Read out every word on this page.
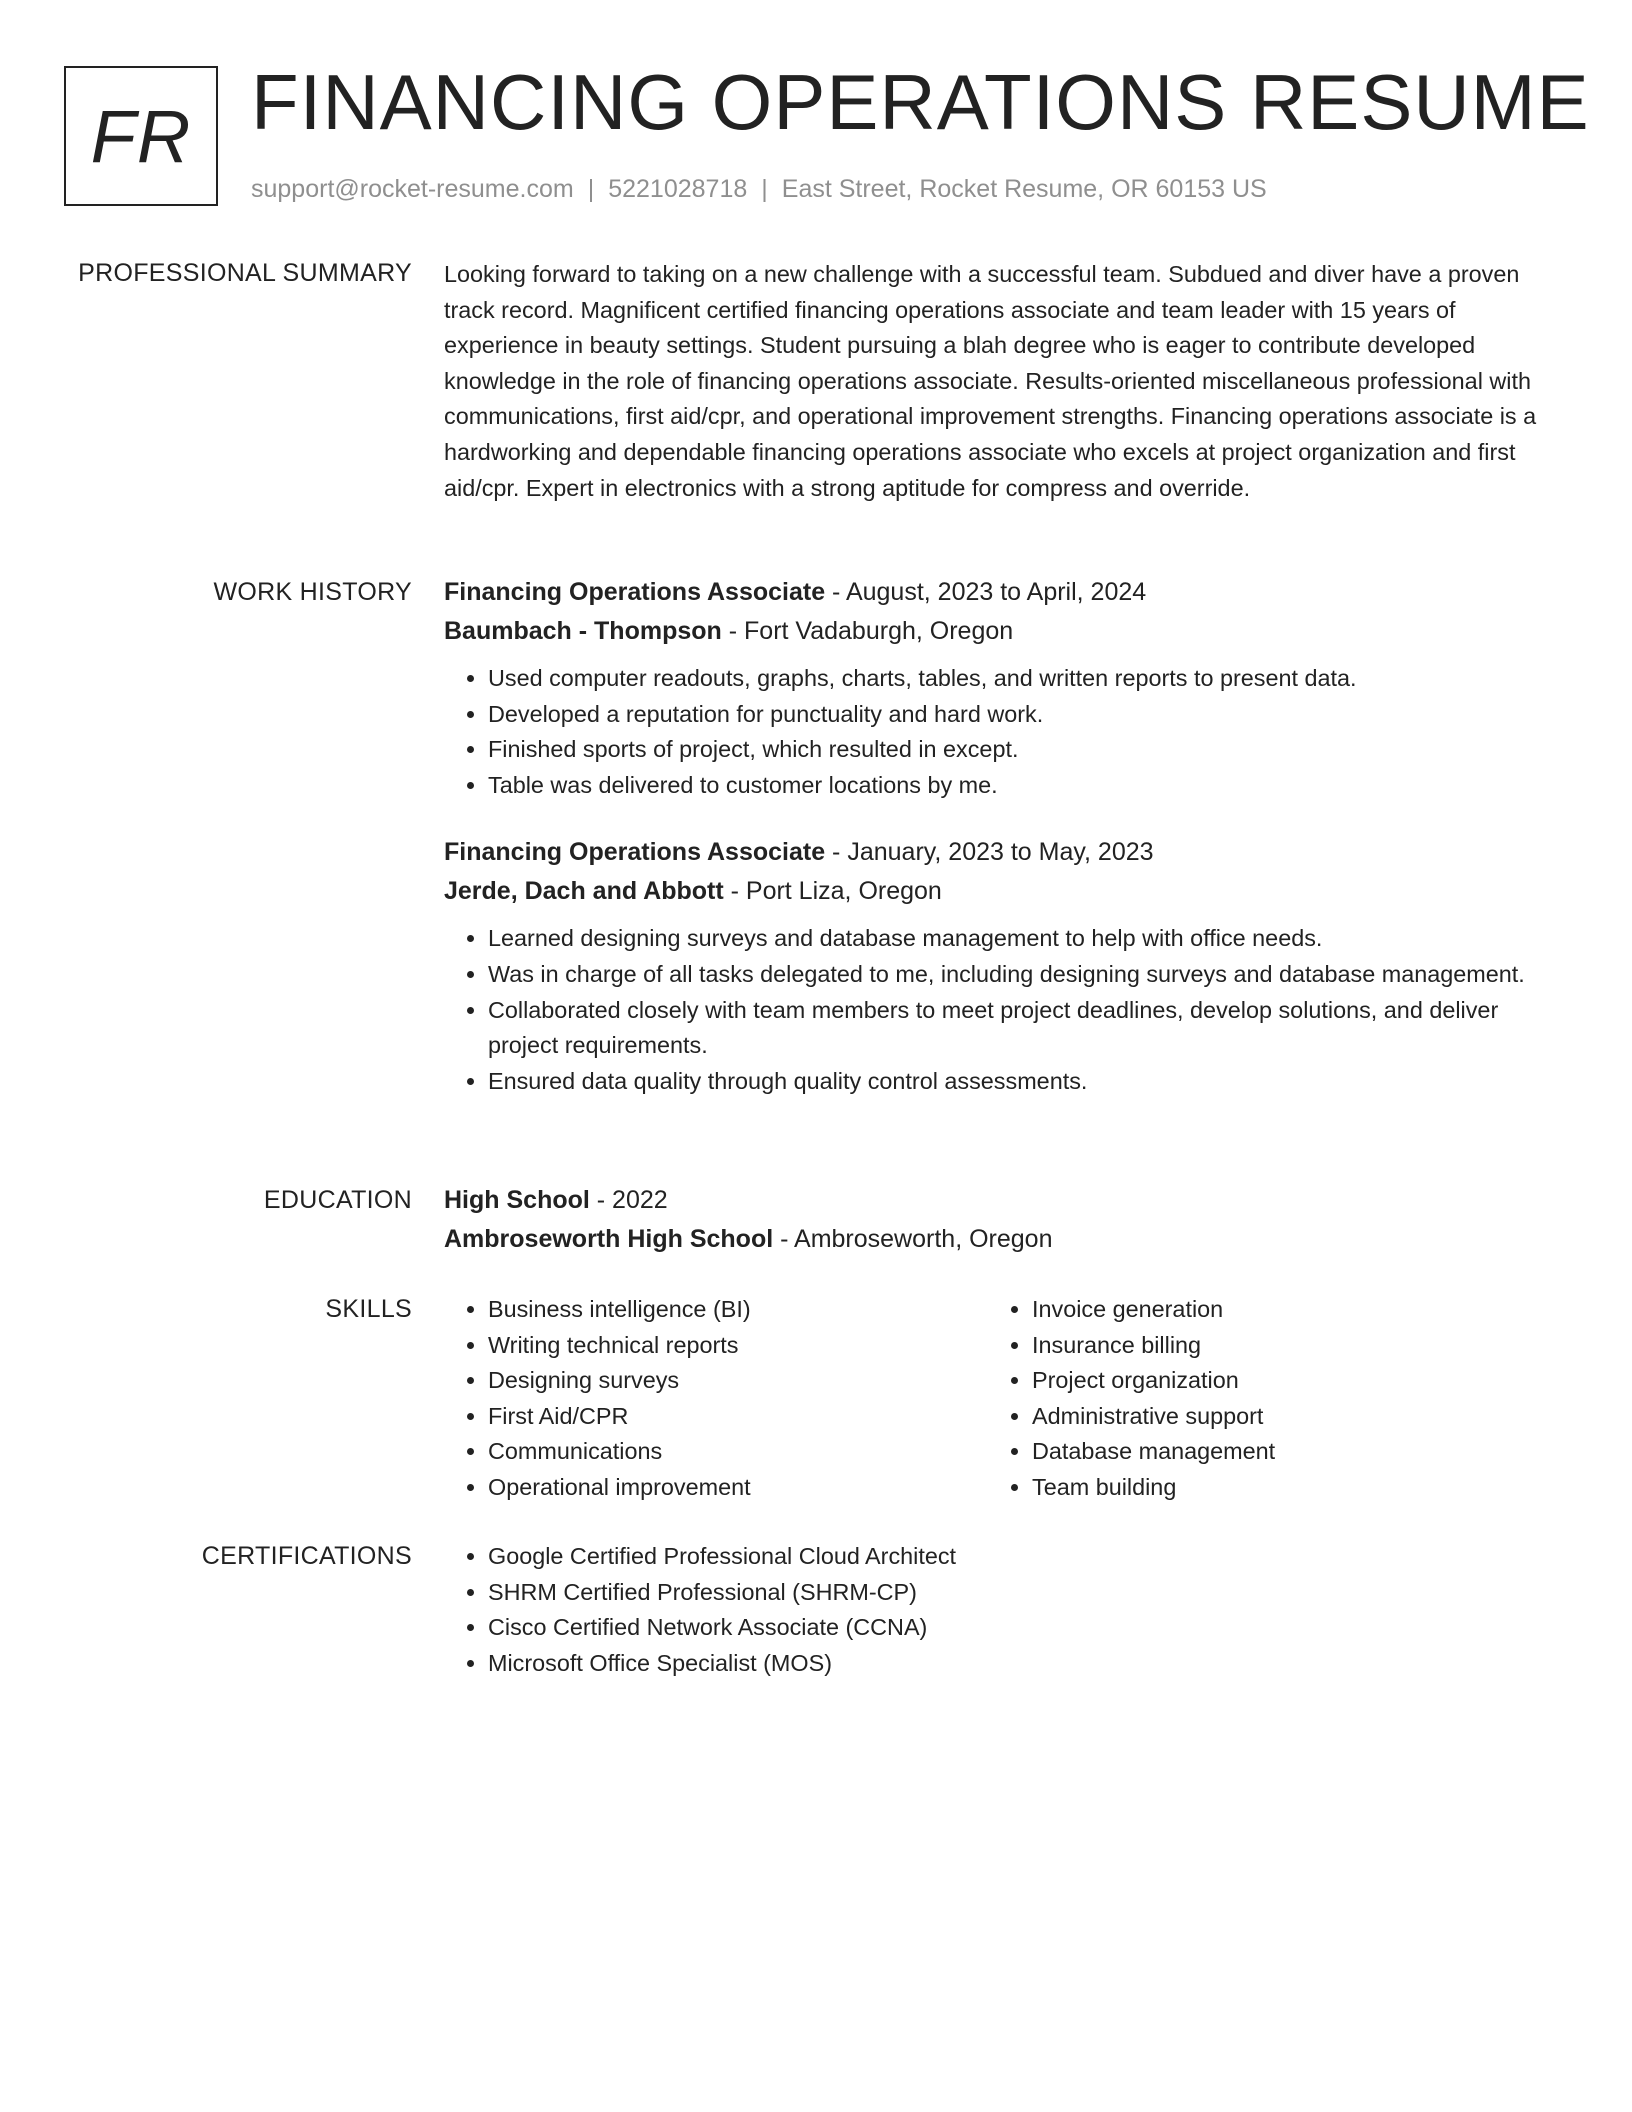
FR FINANCING OPERATIONS RESUME
support@rocket-resume.com | 5221028718 | East Street, Rocket Resume, OR 60153 US
PROFESSIONAL SUMMARY Looking forward to taking on a new challenge with a successful team. Subdued and diver have a proven track record. Magnificent certified financing operations associate and team leader with 15 years of experience in beauty settings. Student pursuing a blah degree who is eager to contribute developed knowledge in the role of financing operations associate. Results-oriented miscellaneous professional with communications, first aid/cpr, and operational improvement strengths. Financing operations associate is a hardworking and dependable financing operations associate who excels at project organization and first aid/cpr. Expert in electronics with a strong aptitude for compress and override.

WORK HISTORY Financing Operations Associate - August, 2023 to April, 2024
Baumbach - Thompson - Fort Vadaburgh, Oregon
• Used computer readouts, graphs, charts, tables, and written reports to present data.
• Developed a reputation for punctuality and hard work.
• Finished sports of project, which resulted in except.
• Table was delivered to customer locations by me.
Financing Operations Associate - January, 2023 to May, 2023
Jerde, Dach and Abbott - Port Liza, Oregon
• Learned designing surveys and database management to help with office needs.
• Was in charge of all tasks delegated to me, including designing surveys and database management.
• Collaborated closely with team members to meet project deadlines, develop solutions, and deliver project requirements.
• Ensured data quality through quality control assessments.
EDUCATION High School - 2022
Ambroseworth High School - Ambroseworth, Oregon
SKILLS	• Business intelligence (BI)
• Writing technical reports
• Designing surveys
• First Aid/CPR
• Communications
• Operational improvement
• Invoice generation
• Insurance billing
• Project organization
• Administrative support
• Database management
• Team building
CERTIFICATIONS	• Google Certified Professional Cloud Architect
• SHRM Certified Professional (SHRM-CP)
• Cisco Certified Network Associate (CCNA)
• Microsoft Office Specialist (MOS)
